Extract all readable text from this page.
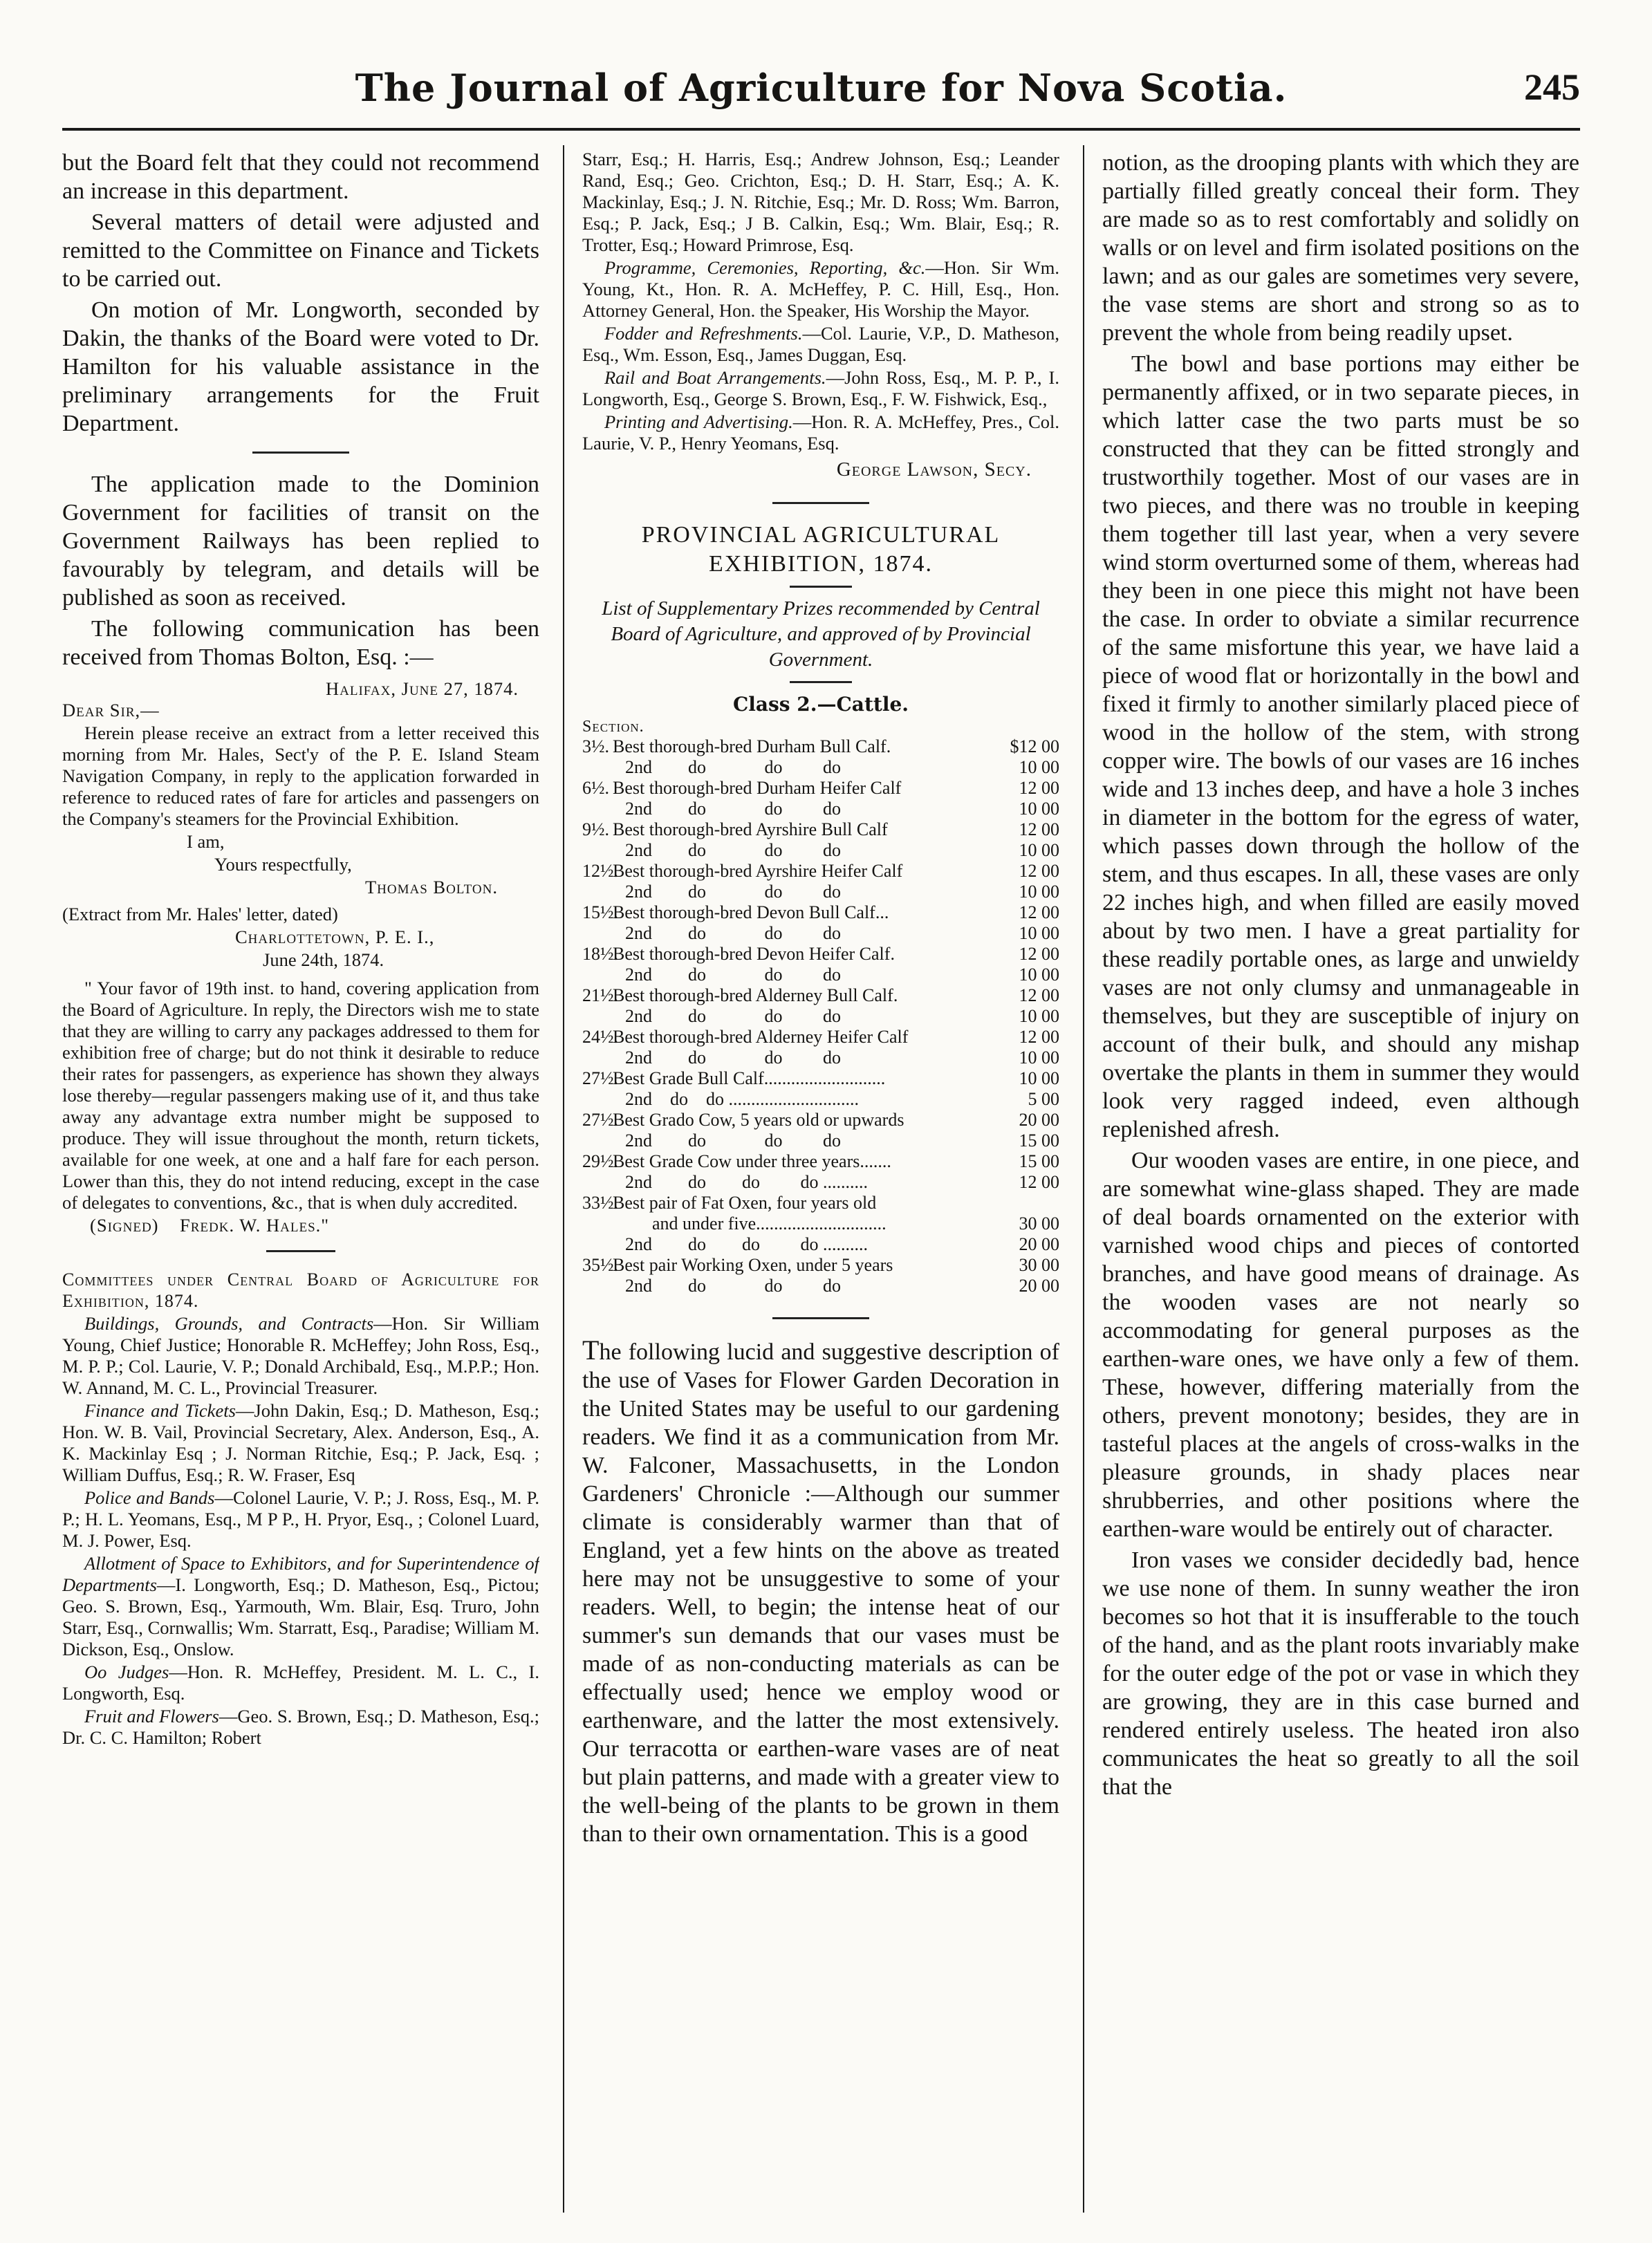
The Journal of Agriculture for Nova Scotia.	245

but the Board felt that they could not recommend an increase in this department.

Several matters of detail were adjusted and remitted to the Committee on Finance and Tickets to be carried out.

On motion of Mr. Longworth, seconded by Dakin, the thanks of the Board were voted to Dr. Hamilton for his valuable assistance in the preliminary arrangements for the Fruit Department.

The application made to the Dominion Government for facilities of transit on the Government Railways has been replied to favourably by telegram, and details will be published as soon as received.

The following communication has been received from Thomas Bolton, Esq. :—

Halifax, June 27, 1874.

Dear Sir,—

Herein please receive an extract from a letter received this morning from Mr. Hales, Sect'y of the P. E. Island Steam Navigation Company, in reply to the application forwarded in reference to reduced rates of fare for articles and passengers on the Company's steamers for the Provincial Exhibition.

I am,

Yours respectfully,

Thomas Bolton.

(Extract from Mr. Hales' letter, dated)

Charlottetown, P. E. I.,

June 24th, 1874.

" Your favor of 19th inst. to hand, covering application from the Board of Agriculture. In reply, the Directors wish me to state that they are willing to carry any packages addressed to them for exhibition free of charge; but do not think it desirable to reduce their rates for passengers, as experience has shown they always lose thereby—regular passengers making use of it, and thus take away any advantage extra number might be supposed to produce. They will issue throughout the month, return tickets, available for one week, at one and a half fare for each person. Lower than this, they do not intend reducing, except in the case of delegates to conventions, &c., that is when duly accredited.

(Signed)    Fredk. W. Hales."

Committees under Central Board of Agriculture for Exhibition, 1874.

Buildings, Grounds, and Contracts—Hon. Sir William Young, Chief Justice; Honorable R. McHeffey; John Ross, Esq., M. P. P.; Col. Laurie, V. P.; Donald Archibald, Esq., M.P.P.; Hon. W. Annand, M. C. L., Provincial Treasurer.

Finance and Tickets—John Dakin, Esq.; D. Matheson, Esq.; Hon. W. B. Vail, Provincial Secretary, Alex. Anderson, Esq., A. K. Mackinlay Esq ; J. Norman Ritchie, Esq.; P. Jack, Esq. ; William Duffus, Esq.; R. W. Fraser, Esq

Police and Bands—Colonel Laurie, V. P.; J. Ross, Esq., M. P. P.; H. L. Yeomans, Esq., M P P., H. Pryor, Esq., ; Colonel Luard, M. J. Power, Esq.

Allotment of Space to Exhibitors, and for Superintendence of Departments—I. Longworth, Esq.; D. Matheson, Esq., Pictou; Geo. S. Brown, Esq., Yarmouth, Wm. Blair, Esq. Truro, John Starr, Esq., Cornwallis; Wm. Starratt, Esq., Paradise; William M. Dickson, Esq., Onslow.

Oo Judges—Hon. R. McHeffey, President. M. L. C., I. Longworth, Esq.

Fruit and Flowers—Geo. S. Brown, Esq.; D. Matheson, Esq.; Dr. C. C. Hamilton; Robert

Starr, Esq.; H. Harris, Esq.; Andrew Johnson, Esq.; Leander Rand, Esq.; Geo. Crichton, Esq.; D. H. Starr, Esq.; A. K. Mackinlay, Esq.; J. N. Ritchie, Esq.; Mr. D. Ross; Wm. Barron, Esq.; P. Jack, Esq.; J B. Calkin, Esq.; Wm. Blair, Esq.; R. Trotter, Esq.; Howard Primrose, Esq.

Programme, Ceremonies, Reporting, &c.—Hon. Sir Wm. Young, Kt., Hon. R. A. McHeffey, P. C. Hill, Esq., Hon. Attorney General, Hon. the Speaker, His Worship the Mayor.

Fodder and Refreshments.—Col. Laurie, V.P., D. Matheson, Esq., Wm. Esson, Esq., James Duggan, Esq.

Rail and Boat Arrangements.—John Ross, Esq., M. P. P., I. Longworth, Esq., George S. Brown, Esq., F. W. Fishwick, Esq.,

Printing and Advertising.—Hon. R. A. McHeffey, Pres., Col. Laurie, V. P., Henry Yeomans, Esq.

George Lawson, Secy.

PROVINCIAL AGRICULTURAL EXHIBITION, 1874.
List of Supplementary Prizes recommended by Central Board of Agriculture, and approved of by Provincial Government.
Class 2.—Cattle.

Section.

3½. Best thorough-bred Durham Bull Calf.	$12 00
2nd        do             do         do	10 00
6½. Best thorough-bred Durham Heifer Calf	12 00
2nd        do             do         do	10 00
9½. Best thorough-bred Ayrshire Bull Calf	12 00
2nd        do             do         do	10 00
12½.
Best thorough-bred Ayrshire Heifer Calf	12 00
2nd        do             do         do	10 00
15½.
Best thorough-bred Devon Bull Calf...	12 00
2nd        do             do         do	10 00
18½.
Best thorough-bred Devon Heifer Calf.	12 00
2nd        do             do         do	10 00
21½.
Best thorough-bred Alderney Bull Calf.	12 00
2nd        do             do         do	10 00
24½.
Best thorough-bred Alderney Heifer Calf	12 00
2nd        do             do         do	10 00
27½.
Best Grade Bull Calf...........................	10 00
2nd    do    do .............................	5 00
27½.
Best Grado Cow, 5 years old or upwards	20 00
2nd        do             do         do	15 00
29½.
Best Grade Cow under three years.......	15 00
2nd        do        do         do ..........	12 00
33½.
Best pair of Fat Oxen, four years old
and under five.............................	30 00
2nd        do        do         do ..........	20 00
35½.
Best pair Working Oxen, under 5 years	30 00
2nd        do             do         do	20 00

The following lucid and suggestive description of the use of Vases for Flower Garden Decoration in the United States may be useful to our gardening readers. We find it as a communication from Mr. W. Falconer, Massachusetts, in the London Gardeners' Chronicle :—Although our summer climate is considerably warmer than that of England, yet a few hints on the above as treated here may not be unsuggestive to some of your readers. Well, to begin; the intense heat of our summer's sun demands that our vases must be made of as non-conducting materials as can be effectually used; hence we employ wood or earthenware, and the latter the most extensively. Our terracotta or earthen-ware vases are of neat but plain patterns, and made with a greater view to the well-being of the plants to be grown in them than to their own ornamentation. This is a good

notion, as the drooping plants with which they are partially filled greatly conceal their form. They are made so as to rest comfortably and solidly on walls or on level and firm isolated positions on the lawn; and as our gales are sometimes very severe, the vase stems are short and strong so as to prevent the whole from being readily upset.

The bowl and base portions may either be permanently affixed, or in two separate pieces, in which latter case the two parts must be so constructed that they can be fitted strongly and trustworthily together. Most of our vases are in two pieces, and there was no trouble in keeping them together till last year, when a very severe wind storm overturned some of them, whereas had they been in one piece this might not have been the case. In order to obviate a similar recurrence of the same misfortune this year, we have laid a piece of wood flat or horizontally in the bowl and fixed it firmly to another similarly placed piece of wood in the hollow of the stem, with strong copper wire. The bowls of our vases are 16 inches wide and 13 inches deep, and have a hole 3 inches in diameter in the bottom for the egress of water, which passes down through the hollow of the stem, and thus escapes. In all, these vases are only 22 inches high, and when filled are easily moved about by two men. I have a great partiality for these readily portable ones, as large and unwieldy vases are not only clumsy and unmanageable in themselves, but they are susceptible of injury on account of their bulk, and should any mishap overtake the plants in them in summer they would look very ragged indeed, even although replenished afresh.

Our wooden vases are entire, in one piece, and are somewhat wine-glass shaped. They are made of deal boards ornamented on the exterior with varnished wood chips and pieces of contorted branches, and have good means of drainage. As the wooden vases are not nearly so accommodating for general purposes as the earthen-ware ones, we have only a few of them. These, however, differing materially from the others, prevent monotony; besides, they are in tasteful places at the angels of cross-walks in the pleasure grounds, in shady places near shrubberries, and other positions where the earthen-ware would be entirely out of character.

Iron vases we consider decidedly bad, hence we use none of them. In sunny weather the iron becomes so hot that it is insufferable to the touch of the hand, and as the plant roots invariably make for the outer edge of the pot or vase in which they are growing, they are in this case burned and rendered entirely useless. The heated iron also communicates the heat so greatly to all the soil that the
